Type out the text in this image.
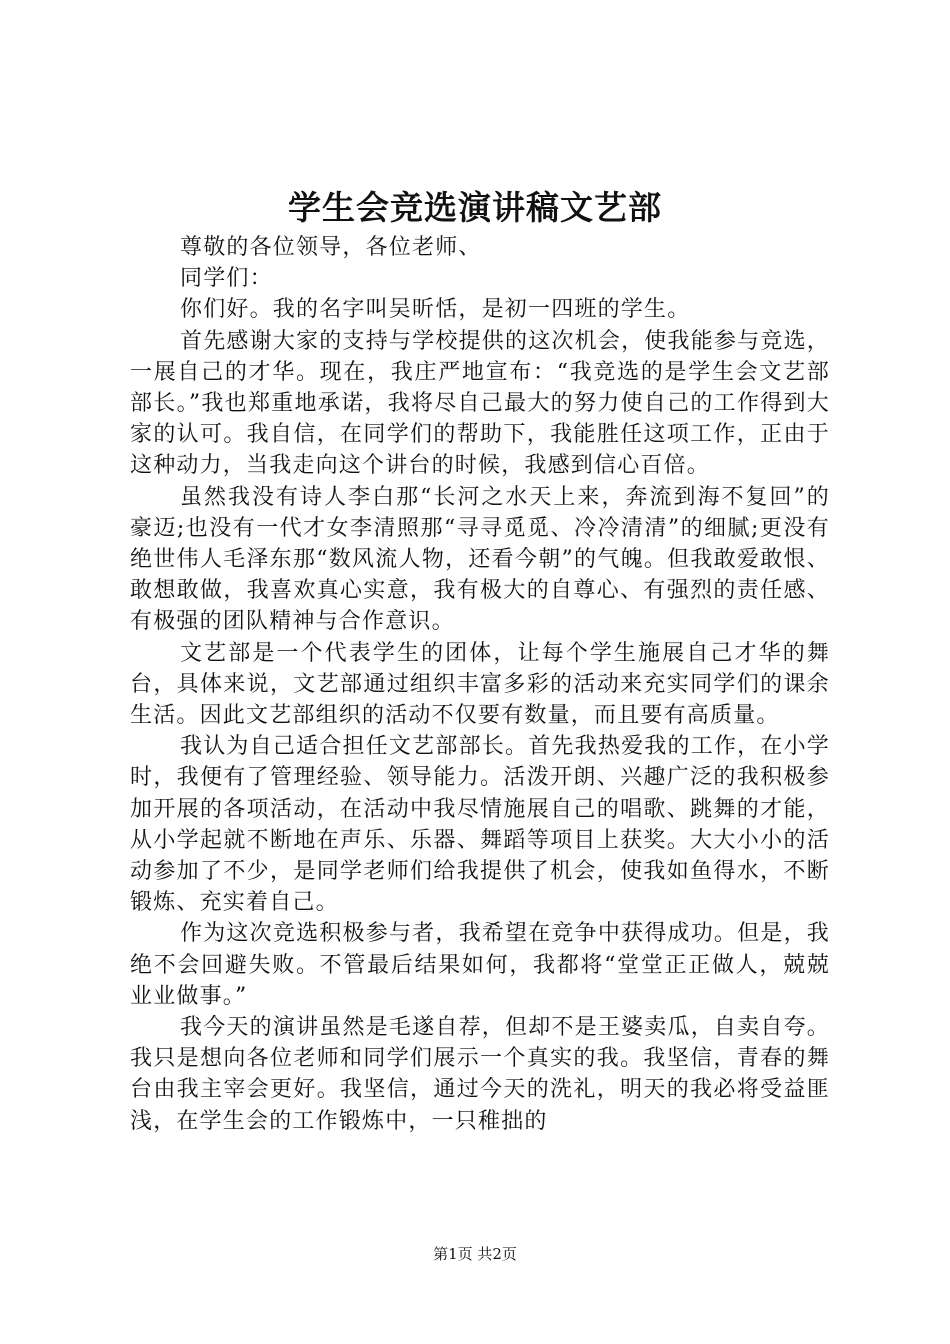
学生会竞选演讲稿文艺部

尊敬的各位领导，各位老师、

同学们：

你们好。我的名字叫吴昕恬，是初一四班的学生。

首先感谢大家的支持与学校提供的这次机会，使我能参与竞选，一展自己的才华。现在，我庄严地宣布：“我竞选的是学生会文艺部部长。”我也郑重地承诺，我将尽自己最大的努力使自己的工作得到大家的认可。我自信，在同学们的帮助下，我能胜任这项工作，正由于这种动力，当我走向这个讲台的时候，我感到信心百倍。

虽然我没有诗人李白那“长河之水天上来，奔流到海不复回”的豪迈;也没有一代才女李清照那“寻寻觅觅、冷冷清清”的细腻;更没有绝世伟人毛泽东那“数风流人物，还看今朝”的气魄。但我敢爱敢恨、敢想敢做，我喜欢真心实意，我有极大的自尊心、有强烈的责任感、有极强的团队精神与合作意识。

文艺部是一个代表学生的团体，让每个学生施展自己才华的舞台，具体来说，文艺部通过组织丰富多彩的活动来充实同学们的课余生活。因此文艺部组织的活动不仅要有数量，而且要有高质量。

我认为自己适合担任文艺部部长。首先我热爱我的工作，在小学时，我便有了管理经验、领导能力。活泼开朗、兴趣广泛的我积极参加开展的各项活动，在活动中我尽情施展自己的唱歌、跳舞的才能，从小学起就不断地在声乐、乐器、舞蹈等项目上获奖。大大小小的活动参加了不少，是同学老师们给我提供了机会，使我如鱼得水，不断锻炼、充实着自己。

作为这次竞选积极参与者，我希望在竞争中获得成功。但是，我绝不会回避失败。不管最后结果如何，我都将“堂堂正正做人，兢兢业业做事。”

我今天的演讲虽然是毛遂自荐，但却不是王婆卖瓜，自卖自夸。我只是想向各位老师和同学们展示一个真实的我。我坚信，青春的舞台由我主宰会更好。我坚信，通过今天的洗礼，明天的我必将受益匪浅，在学生会的工作锻炼中，一只稚拙的

第1页 共2页
